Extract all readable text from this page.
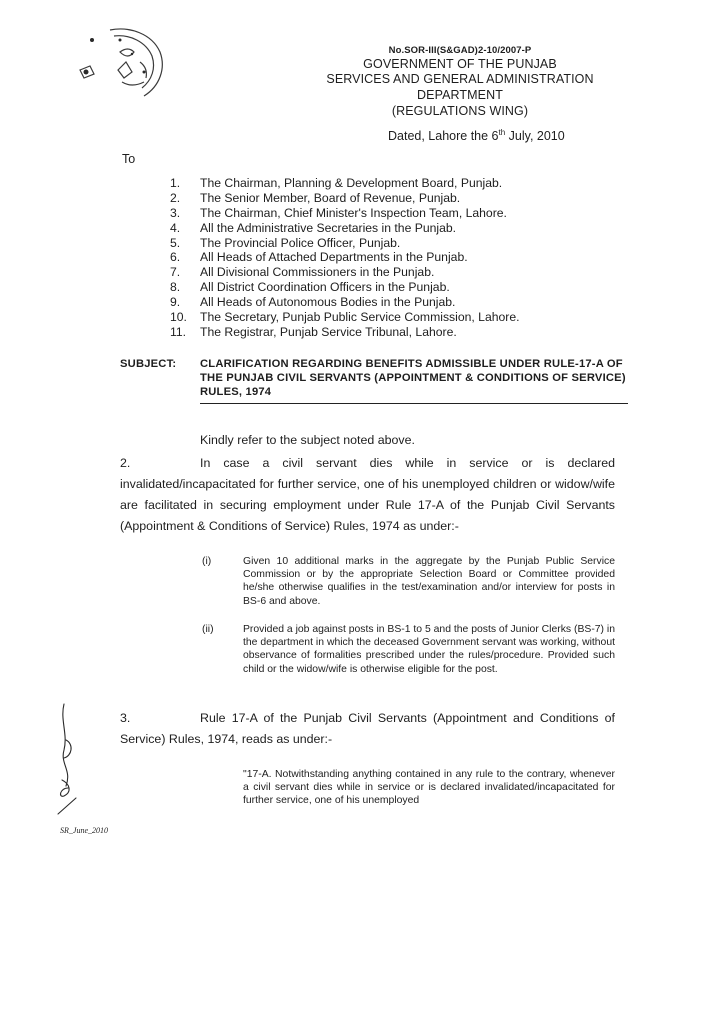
No.SOR-III(S&GAD)2-10/2007-P
GOVERNMENT OF THE PUNJAB
SERVICES AND GENERAL ADMINISTRATION
DEPARTMENT
(REGULATIONS WING)
Dated, Lahore the 6th July, 2010
To
1.	The Chairman, Planning & Development Board, Punjab.
2.	The Senior Member, Board of Revenue, Punjab.
3.	The Chairman, Chief Minister's Inspection Team, Lahore.
4.	All the Administrative Secretaries in the Punjab.
5.	The Provincial Police Officer, Punjab.
6.	All Heads of Attached Departments in the Punjab.
7.	All Divisional Commissioners in the Punjab.
8.	All District Coordination Officers in the Punjab.
9.	All Heads of Autonomous Bodies in the Punjab.
10.	The Secretary, Punjab Public Service Commission, Lahore.
11.	The Registrar, Punjab Service Tribunal, Lahore.
SUBJECT: CLARIFICATION REGARDING BENEFITS ADMISSIBLE UNDER RULE-17-A OF THE PUNJAB CIVIL SERVANTS (APPOINTMENT & CONDITIONS OF SERVICE) RULES, 1974
Kindly refer to the subject noted above.
2.	In case a civil servant dies while in service or is declared invalidated/incapacitated for further service, one of his unemployed children or widow/wife are facilitated in securing employment under Rule 17-A of the Punjab Civil Servants (Appointment & Conditions of Service) Rules, 1974 as under:-
(i)	Given 10 additional marks in the aggregate by the Punjab Public Service Commission or by the appropriate Selection Board or Committee provided he/she otherwise qualifies in the test/examination and/or interview for posts in BS-6 and above.
(ii)	Provided a job against posts in BS-1 to 5 and the posts of Junior Clerks (BS-7) in the department in which the deceased Government servant was working, without observance of formalities prescribed under the rules/procedure. Provided such child or the widow/wife is otherwise eligible for the post.
3.	Rule 17-A of the Punjab Civil Servants (Appointment and Conditions of Service) Rules, 1974, reads as under:-
"17-A. Notwithstanding anything contained in any rule to the contrary, whenever a civil servant dies while in service or is declared invalidated/incapacitated for further service, one of his unemployed
SR_June_2010
